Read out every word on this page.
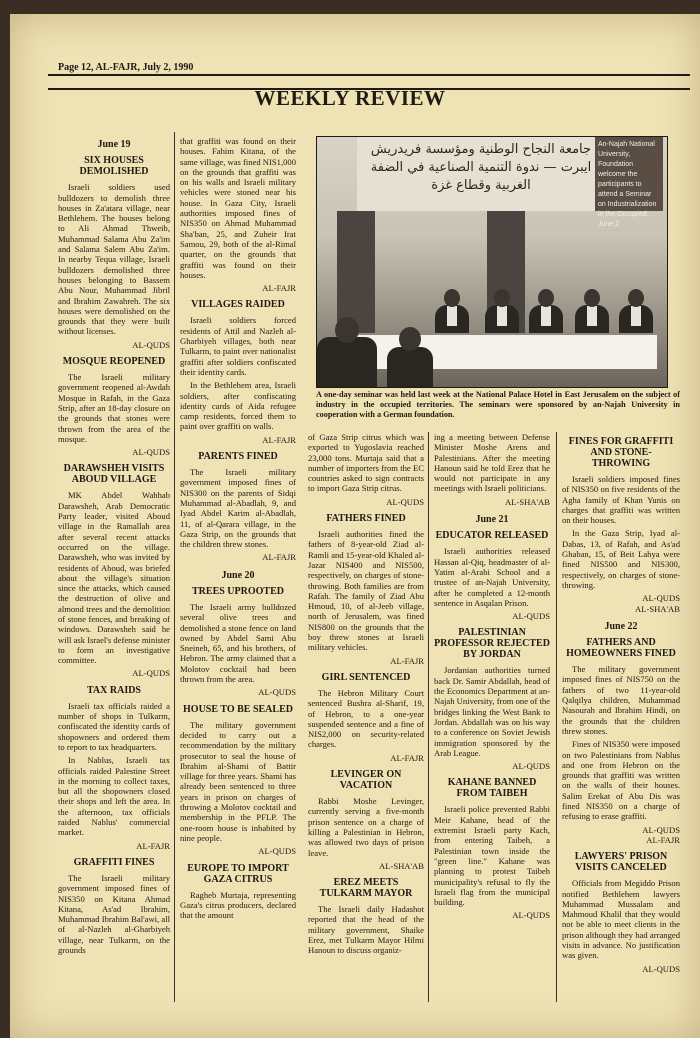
Page 12, AL-FAJR, July 2, 1990
WEEKLY REVIEW
June 19
SIX HOUSES DEMOLISHED

Israeli soldiers used bulldozers to demolish three houses in Za'atara village, near Bethlehem. The houses belong to Ali Ahmad Thweib, Muhammad Salama Abu Za'im and Salama Salem Abu Za'im. In nearby Tequa village, Israeli bulldozers demolished three houses belonging to Bassem Abu Nour, Muhammad Jibril and Ibrahim Zawahreh. The six houses were demolished on the grounds that they were built without licenses.

AL-QUDS
MOSQUE REOPENED

The Israeli military government reopened al-Awdah Mosque in Rafah, in the Gaza Strip, after an 18-day closure on the grounds that stones were thrown from the area of the mosque.

AL-QUDS
DARAWSHEH VISITS ABOUD VILLAGE

MK Abdel Wahhab Darawsheh, Arab Democratic Party leader, visited Aboud village in the Ramallah area after several recent attacks occurred on the village. Darawsheh, who was invited by residents of Aboud, was briefed about the village's situation since the attacks, which caused the destruction of olive and almond trees and the demolition of stone fences, and breaking of windows. Darawsheh said he will ask Israel's defense minister to form an investigative committee.

AL-QUDS
TAX RAIDS

Israeli tax officials raided a number of shops in Tulkarm, confiscated the identity cards of shopowners and ordered them to report to tax headquarters.

In Nablus, Israeli tax officials raided Palestine Street in the morning to collect taxes, but all the shopowners closed their shops and left the area. In the afternoon, tax officials raided Nablus' commercial market.

AL-FAJR
GRAFFITI FINES

The Israeli military government imposed fines of NIS350 on Kitana Ahmad Kitana, As'ad Ibrahim, Muhammad Ibrahim Bal'awi, all of al-Nazleh al-Gharbiyeh village, near Tulkarm, on the grounds

that graffiti was found on their houses. Fahim Kitana, of the same village, was fined NIS1,000 on the grounds that graffiti was on his walls and Israeli military vehicles were stoned near his house. In Gaza City, Israeli authorities imposed fines of NIS350 on Ahmad Muhammad Sha'ban, 25, and Zuheir Irat Samou, 29, both of the al-Rimal quarter, on the grounds that graffiti was found on their houses.

AL-FAJR
VILLAGES RAIDED

Israeli soldiers forced residents of Attil and Nazleh al-Gharbiyeh villages, both near Tulkarm, to paint over nationalist graffiti after soldiers confiscated their identity cards.

In the Bethlehem area, Israeli soldiers, after confiscating identity cards of Aida refugee camp residents, forced them to paint over graffiti on walls.

AL-FAJR
PARENTS FINED

The Israeli military government imposed fines of NIS300 on the parents of Sidqi Muhammad al-Abadlah, 9, and Iyad Abdel Karim al-Abadlah, 11, of al-Qarara village, in the Gaza Strip, on the grounds that the children threw stones.

AL-FAJR
June 20
TREES UPROOTED

The Israeli army bulldozed several olive trees and demolished a stone fence on land owned by Abdel Sami Abu Sneineh, 65, and his brothers, of Hebron. The army claimed that a Molotov cocktail had been thrown from the area.

AL-QUDS
HOUSE TO BE SEALED

The military government decided to carry out a recommendation by the military prosecutor to seal the house of Ibrahim al-Shami of Battir village for three years. Shami has already been sentenced to three years in prison on charges of throwing a Molotov cocktail and membership in the PFLP. The one-room house is inhabited by nine people.

AL-QUDS
EUROPE TO IMPORT GAZA CITRUS

Ragheb Murtaja, representing Gaza's citrus producers, declared that the amount

جامعة النجاح الوطنية ومؤسسة فريدريش ايبرت — ندوة التنمية الصناعية في الضفة الغربية وقطاع غزة
An-Najah National University, Foundation welcome the participants to attend a Seminar on Industrialization in the Occupied... June 2
A one-day seminar was held last week at the National Palace Hotel in East Jerusalem on the subject of industry in the occupied territories. The seminars were sponsored by an-Najah University in cooperation with a German foundation.

of Gaza Strip citrus which was exported to Yugoslavia reached 23,000 tons. Murtaja said that a number of importers from the EC countries asked to sign contracts to import Gaza Strip citrus.

AL-QUDS
FATHERS FINED

Israeli authorities fined the fathers of 8-year-old Ziad al-Ramli and 15-year-old Khaled al-Jazar NIS400 and NIS500, respectively, on charges of stone-throwing. Both families are from Rafah. The family of Ziad Abu Hmoud, 10, of al-Jeeb village, north of Jerusalem, was fined NIS800 on the grounds that the boy threw stones at Israeli military vehicles.

AL-FAJR
GIRL SENTENCED

The Hebron Military Court sentenced Bushra al-Sharif, 19, of Hebron, to a one-year suspended sentence and a fine of NIS2,000 on security-related charges.

AL-FAJR
LEVINGER ON VACATION

Rabbi Moshe Levinger, currently serving a five-month prison sentence on a charge of killing a Palestinian in Hebron, was allowed two days of prison leave.

AL-SHA'AB
EREZ MEETS TULKARM MAYOR

The Israeli daily Hadashot reported that the head of the military government, Shaike Erez, met Tulkarm Mayor Hilmi Hanoun to discuss organiz-

ing a meeting between Defense Minister Moshe Arens and Palestinians. After the meeting Hanoun said he told Erez that he would not participate in any meetings with Israeli politicians.

AL-SHA'AB
June 21
EDUCATOR RELEASED

Israeli authorities released Hassan al-Qiq, headmaster of al-Yatim al-Arabi School and a trustee of an-Najah University, after he completed a 12-month sentence in Asqalan Prison.

AL-QUDS
PALESTINIAN PROFESSOR REJECTED BY JORDAN

Jordanian authorities turned back Dr. Samir Abdallah, head of the Economics Department at an-Najah University, from one of the bridges linking the West Bank to Jordan. Abdallah was on his way to a conference on Soviet Jewish immigration sponsored by the Arab League.

AL-QUDS
KAHANE BANNED FROM TAIBEH

Israeli police prevented Rabbi Meir Kahane, head of the extremist Israeli party Kach, from entering Taibeh, a Palestinian town inside the "green line." Kahane was planning to protest Taibeh municipality's refusal to fly the Israeli flag from the municipal building.

AL-QUDS
FINES FOR GRAFFITI AND STONE-THROWING

Israeli soldiers imposed fines of NIS350 on five residents of the Agha family of Khan Yunis on charges that graffiti was written on their houses.

In the Gaza Strip, Iyad al-Dabas, 13, of Rafah, and As'ad Ghaban, 15, of Beit Lahya were fined NIS500 and NIS300, respectively, on charges of stone-throwing.

AL-QUDS
AL-SHA'AB
June 22
FATHERS AND HOMEOWNERS FINED

The military government imposed fines of NIS750 on the fathers of two 11-year-old Qalqilya children, Muhammad Nasourah and Ibrahim Hindi, on the grounds that the children threw stones.

Fines of NIS350 were imposed on two Palestinians from Nablus and one from Hebron on the grounds that graffiti was written on the walls of their houses. Salim Erekat of Abu Dis was fined NIS350 on a charge of refusing to erase graffiti.

AL-QUDS
AL-FAJR
LAWYERS' PRISON VISITS CANCELED

Officials from Megiddo Prison notified Bethlehem lawyers Muhammad Mussalam and Mahmoud Khalil that they would not be able to meet clients in the prison although they had arranged visits in advance. No justification was given.

AL-QUDS
